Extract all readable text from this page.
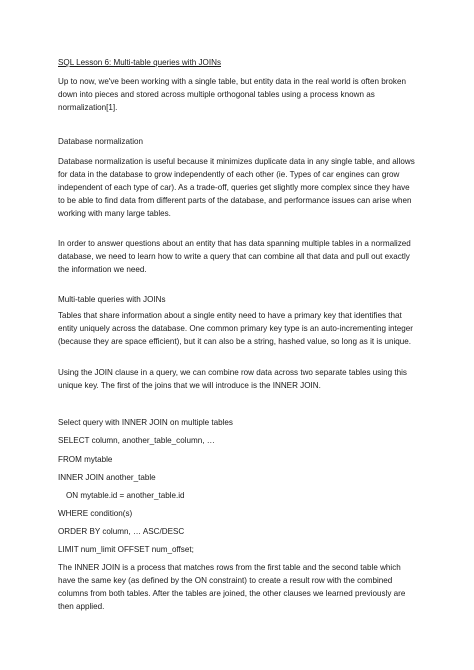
SQL Lesson 6: Multi-table queries with JOINs
Up to now, we've been working with a single table, but entity data in the real world is often broken down into pieces and stored across multiple orthogonal tables using a process known as normalization[1].
Database normalization
Database normalization is useful because it minimizes duplicate data in any single table, and allows for data in the database to grow independently of each other (ie. Types of car engines can grow independent of each type of car). As a trade-off, queries get slightly more complex since they have to be able to find data from different parts of the database, and performance issues can arise when working with many large tables.
In order to answer questions about an entity that has data spanning multiple tables in a normalized database, we need to learn how to write a query that can combine all that data and pull out exactly the information we need.
Multi-table queries with JOINs
Tables that share information about a single entity need to have a primary key that identifies that entity uniquely across the database. One common primary key type is an auto-incrementing integer (because they are space efficient), but it can also be a string, hashed value, so long as it is unique.
Using the JOIN clause in a query, we can combine row data across two separate tables using this unique key. The first of the joins that we will introduce is the INNER JOIN.
Select query with INNER JOIN on multiple tables
SELECT column, another_table_column, …
FROM mytable
INNER JOIN another_table
ON mytable.id = another_table.id
WHERE condition(s)
ORDER BY column, … ASC/DESC
LIMIT num_limit OFFSET num_offset;
The INNER JOIN is a process that matches rows from the first table and the second table which have the same key (as defined by the ON constraint) to create a result row with the combined columns from both tables. After the tables are joined, the other clauses we learned previously are then applied.
